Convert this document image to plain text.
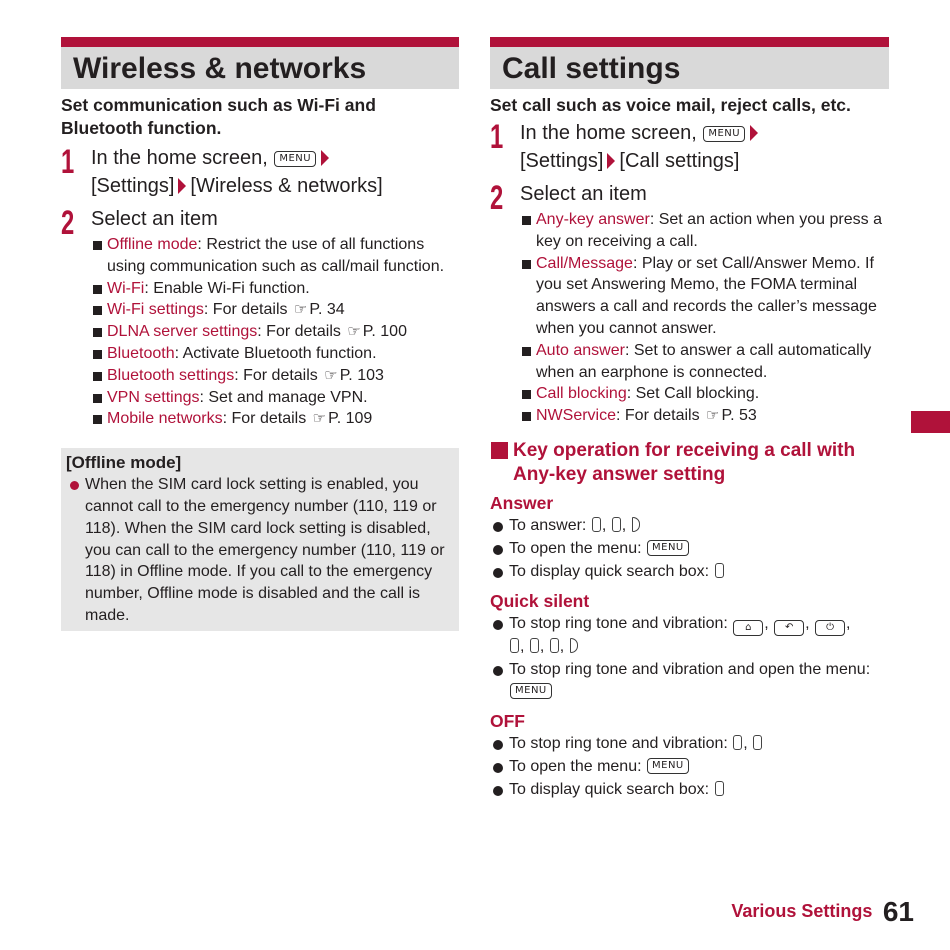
Wireless & networks
Set communication such as Wi-Fi and Bluetooth function.
1 In the home screen, MENU
[Settings] [Wireless & networks]
2 Select an item
Offline mode: Restrict the use of all functions using communication such as call/mail function.
Wi-Fi: Enable Wi-Fi function.
Wi-Fi settings: For details ☞ P. 34
DLNA server settings: For details ☞ P. 100
Bluetooth: Activate Bluetooth function.
Bluetooth settings: For details ☞ P. 103
VPN settings: Set and manage VPN.
Mobile networks: For details ☞ P. 109
[Offline mode]
When the SIM card lock setting is enabled, you cannot call to the emergency number (110, 119 or 118). When the SIM card lock setting is disabled, you can call to the emergency number (110, 119 or 118) in Offline mode. If you call to the emergency number, Offline mode is disabled and the call is made.
Call settings
Set call such as voice mail, reject calls, etc.
1 In the home screen, MENU
[Settings] [Call settings]
2 Select an item
Any-key answer: Set an action when you press a key on receiving a call.
Call/Message: Play or set Call/Answer Memo. If you set Answering Memo, the FOMA terminal answers a call and records the caller’s message when you cannot answer.
Auto answer: Set to answer a call automatically when an earphone is connected.
Call blocking: Set Call blocking.
NWService: For details ☞ P. 53
Key operation for receiving a call with Any-key answer setting
Answer
To answer: , ,
To open the menu: MENU
To display quick search box:
Quick silent
To stop ring tone and vibration: ⌂ , ↶ , ⏻ ,
, , ,
To stop ring tone and vibration and open the menu: MENU
OFF
To stop ring tone and vibration: ,
To open the menu: MENU
To display quick search box:
Various Settings 61
